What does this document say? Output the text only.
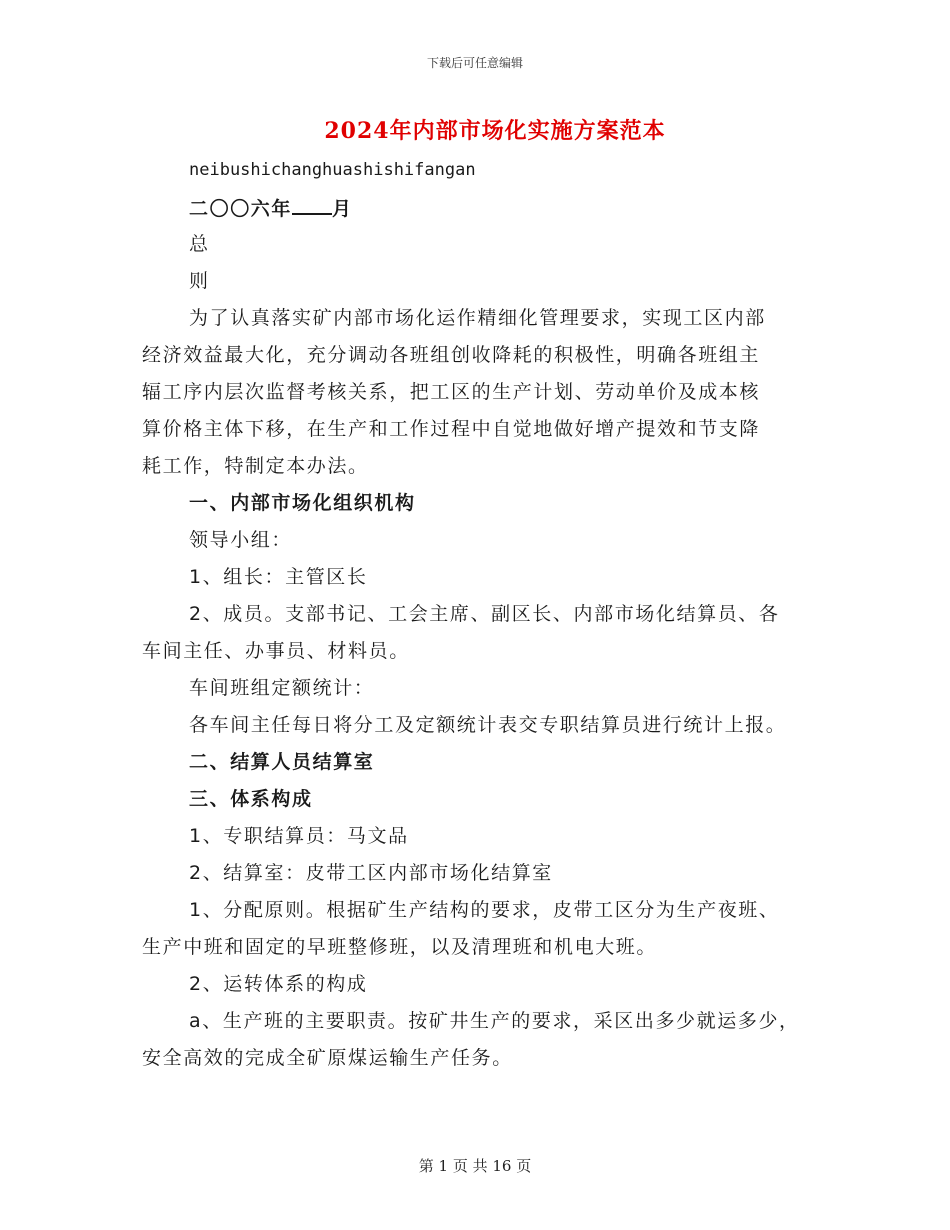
下载后可任意编辑
2024年内部市场化实施方案范本
neibushichanghuashishifangan
二〇〇六年 月
总
则
为了认真落实矿内部市场化运作精细化管理要求，实现工区内部
经济效益最大化，充分调动各班组创收降耗的积极性，明确各班组主
辐工序内层次监督考核关系，把工区的生产计划、劳动单价及成本核
算价格主体下移，在生产和工作过程中自觉地做好增产提效和节支降
耗工作，特制定本办法。
一、内部市场化组织机构
领导小组：
1、组长：主管区长
2、成员。支部书记、工会主席、副区长、内部市场化结算员、各
车间主任、办事员、材料员。
车间班组定额统计：
各车间主任每日将分工及定额统计表交专职结算员进行统计上报。
二、结算人员结算室
三、体系构成
1、专职结算员：马文品
2、结算室：皮带工区内部市场化结算室
1、分配原则。根据矿生产结构的要求，皮带工区分为生产夜班、
生产中班和固定的早班整修班，以及清理班和机电大班。
2、运转体系的构成
a、生产班的主要职责。按矿井生产的要求，采区出多少就运多少，
安全高效的完成全矿原煤运输生产任务。
第 1 页 共 16 页
